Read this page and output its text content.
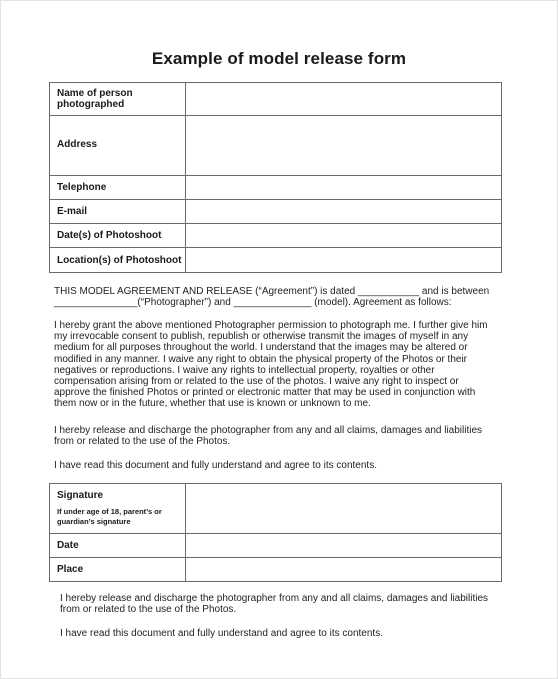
Example of model release form
Name of person
photographed	
Address	
Telephone	
E-mail	
Date(s) of Photoshoot	
Location(s) of Photoshoot	
THIS MODEL AGREEMENT AND RELEASE (“Agreement”) is dated ___________ and is between
_______________(“Photographer”) and ______________ (model). Agreement as follows:
I hereby grant the above mentioned Photographer permission to photograph me. I further give him
my irrevocable consent to publish, republish or otherwise transmit the images of myself in any
medium for all purposes throughout the world. I understand that the images may be altered or
modified in any manner. I waive any right to obtain the physical property of the Photos or their
negatives or reproductions. I waive any rights to intellectual property, royalties or other
compensation arising from or related to the use of the photos. I waive any right to inspect or
approve the finished Photos or printed or electronic matter that may be used in conjunction with
them now or in the future, whether that use is known or unknown to me.
I hereby release and discharge the photographer from any and all claims, damages and liabilities
from or related to the use of the Photos.
I have read this document and fully understand and agree to its contents.
Signature
If under age of 18, parent’s or
guardian’s signature	

Date	
Place	
I hereby release and discharge the photographer from any and all claims, damages and liabilities
from or related to the use of the Photos.
I have read this document and fully understand and agree to its contents.
